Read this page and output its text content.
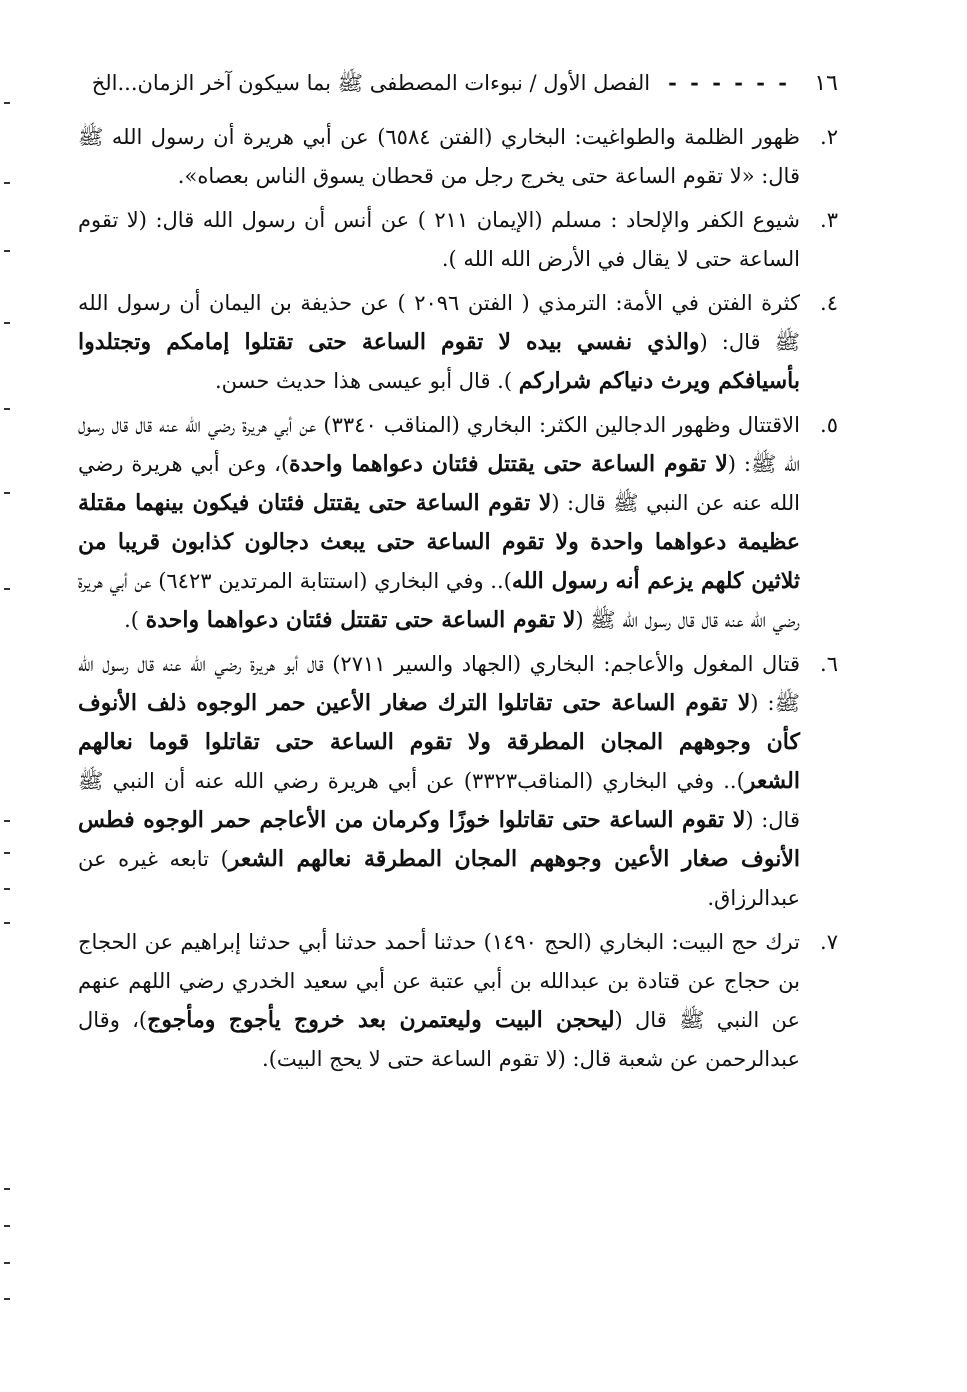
١٦
- - - - - -
الفصل الأول / نبوءات المصطفى ﷺ بما سيكون آخر الزمان...الخ
٢.
ظهور الظلمة والطواغيت: البخاري (الفتن ٦٥٨٤) عن أبي هريرة أن رسول الله ﷺ قال: «لا تقوم الساعة حتى يخرج رجل من قحطان يسوق الناس بعصاه».
٣.
شيوع الكفر والإلحاد : مسلم (الإيمان ٢١١ ) عن أنس أن رسول الله قال: (لا تقوم الساعة حتى لا يقال في الأرض الله الله ).
٤.
كثرة الفتن في الأمة: الترمذي ( الفتن ٢٠٩٦ ) عن حذيفة بن اليمان أن رسول الله ﷺ قال: (والذي نفسي بيده لا تقوم الساعة حتى تقتلوا إمامكم وتجتلدوا بأسيافكم ويرث دنياكم شراركم ). قال أبو عيسى هذا حديث حسن.
٥.
الاقتتال وظهور الدجالين الكثر: البخاري (المناقب ٣٣٤٠) عن أبي هريرة رضي الله عنه قال قال رسول الله ﷺ: (لا تقوم الساعة حتى يقتتل فئتان دعواهما واحدة)، وعن أبي هريرة رضي الله عنه عن النبي ﷺ قال: (لا تقوم الساعة حتى يقتتل فئتان فيكون بينهما مقتلة عظيمة دعواهما واحدة ولا تقوم الساعة حتى يبعث دجالون كذابون قريبا من ثلاثين كلهم يزعم أنه رسول الله).. وفي البخاري (استتابة المرتدين ٦٤٢٣) عن أبي هريرة رضي الله عنه قال قال رسول الله ﷺ (لا تقوم الساعة حتى تقتتل فئتان دعواهما واحدة ).
٦.
قتال المغول والأعاجم: البخاري (الجهاد والسير ٢٧١١) قال أبو هريرة رضي الله عنه قال رسول الله ﷺ: (لا تقوم الساعة حتى تقاتلوا الترك صغار الأعين حمر الوجوه ذلف الأنوف كأن وجوههم المجان المطرقة ولا تقوم الساعة حتى تقاتلوا قوما نعالهم الشعر).. وفي البخاري (المناقب٣٣٢٣) عن أبي هريرة رضي الله عنه أن النبي ﷺ قال: (لا تقوم الساعة حتى تقاتلوا خوزًا وكرمان من الأعاجم حمر الوجوه فطس الأنوف صغار الأعين وجوههم المجان المطرقة نعالهم الشعر) تابعه غيره عن عبدالرزاق.
٧.
ترك حج البيت: البخاري (الحج ١٤٩٠) حدثنا أحمد حدثنا أبي حدثنا إبراهيم عن الحجاج بن حجاج عن قتادة بن عبدالله بن أبي عتبة عن أبي سعيد الخدري رضي اللهم عنهم عن النبي ﷺ قال (ليحجن البيت وليعتمرن بعد خروج يأجوج ومأجوج)، وقال عبدالرحمن عن شعبة قال: (لا تقوم الساعة حتى لا يحج البيت).
